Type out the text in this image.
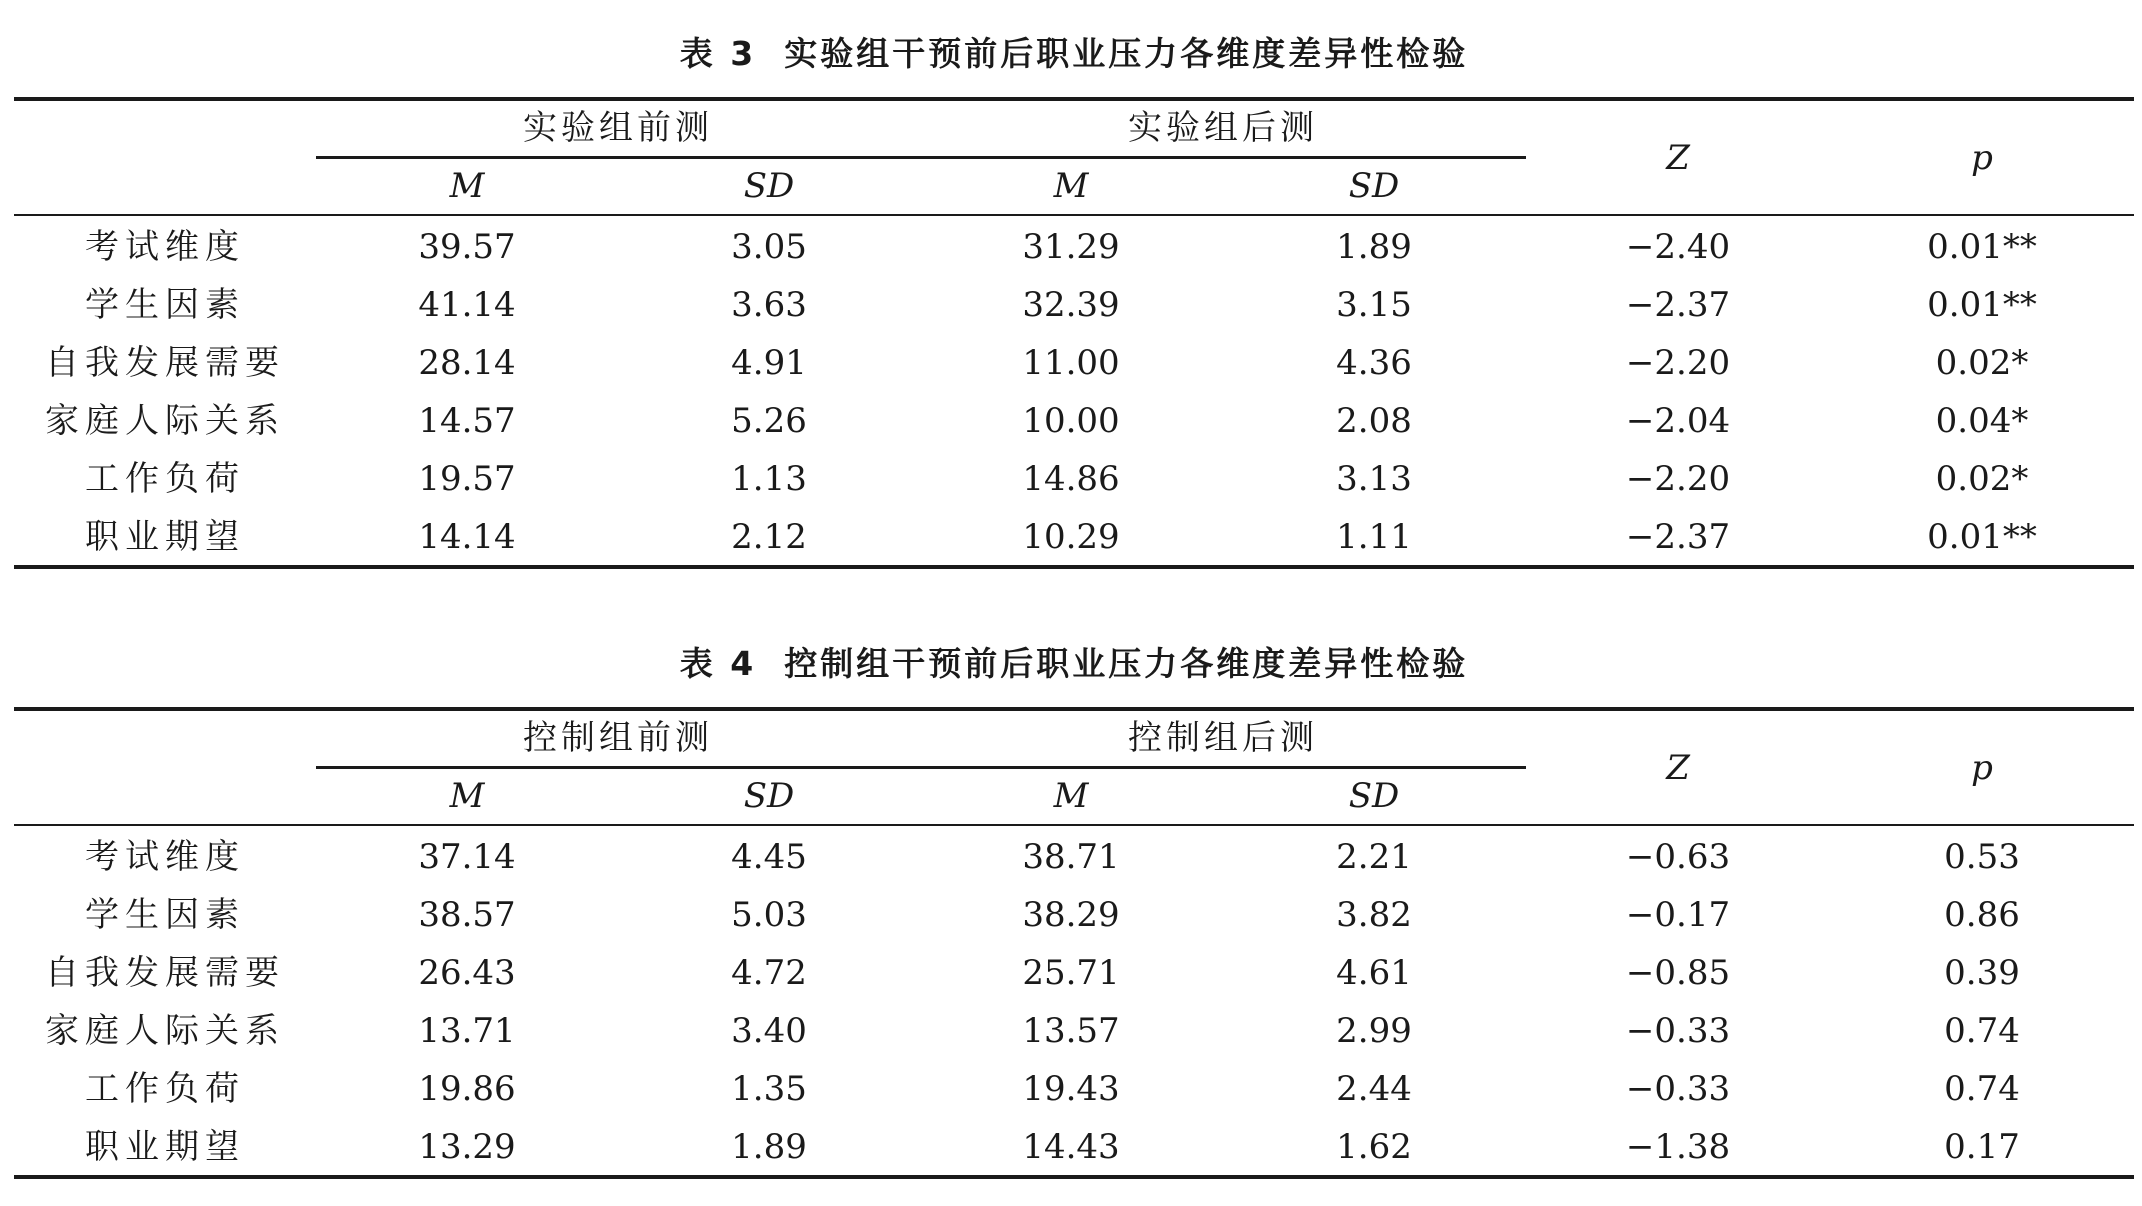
表 3 实验组干预前后职业压力各维度差异性检验
实验组前测	实验组后测
Z	p
M	SD	M	SD
考试维度	39.57	3.05	31.29	1.89	−2.40	0.01**
学生因素	41.14	3.63	32.39	3.15	−2.37	0.01**
自我发展需要	28.14	4.91	11.00	4.36	−2.20	0.02*
家庭人际关系	14.57	5.26	10.00	2.08	−2.04	0.04*
工作负荷	19.57	1.13	14.86	3.13	−2.20	0.02*
职业期望	14.14	2.12	10.29	1.11	−2.37	0.01**
表 4 控制组干预前后职业压力各维度差异性检验
控制组前测	控制组后测
Z	p
M	SD	M	SD
考试维度	37.14	4.45	38.71	2.21	−0.63	0.53
学生因素	38.57	5.03	38.29	3.82	−0.17	0.86
自我发展需要	26.43	4.72	25.71	4.61	−0.85	0.39
家庭人际关系	13.71	3.40	13.57	2.99	−0.33	0.74
工作负荷	19.86	1.35	19.43	2.44	−0.33	0.74
职业期望	13.29	1.89	14.43	1.62	−1.38	0.17
